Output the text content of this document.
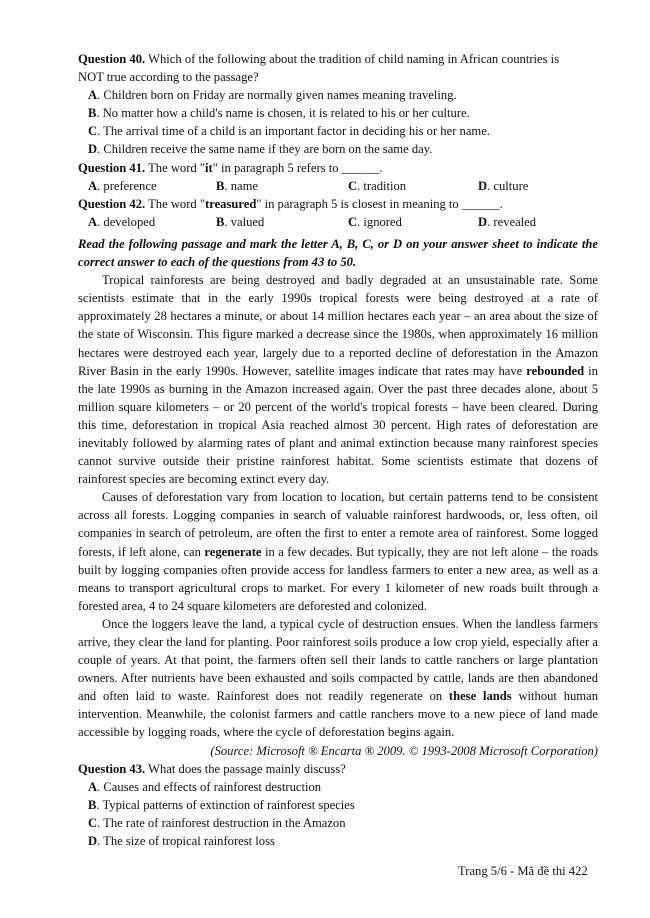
Question 40. Which of the following about the tradition of child naming in African countries is

NOT true according to the passage?

A. Children born on Friday are normally given names meaning traveling.

B. No matter how a child's name is chosen, it is related to his or her culture.

C. The arrival time of a child is an important factor in deciding his or her name.

D. Children receive the same name if they are born on the same day.

Question 41. The word "it" in paragraph 5 refers to ______.

A. preference	B. name	C. tradition	D. culture

Question 42. The word "treasured" in paragraph 5 is closest in meaning to ______.

A. developed	B. valued	C. ignored	D. revealed

Read the following passage and mark the letter A, B, C, or D on your answer sheet to indicate the correct answer to each of the questions from 43 to 50.

Tropical rainforests are being destroyed and badly degraded at an unsustainable rate. Some scientists estimate that in the early 1990s tropical forests were being destroyed at a rate of approximately 28 hectares a minute, or about 14 million hectares each year – an area about the size of the state of Wisconsin. This figure marked a decrease since the 1980s, when approximately 16 million hectares were destroyed each year, largely due to a reported decline of deforestation in the Amazon River Basin in the early 1990s. However, satellite images indicate that rates may have rebounded in the late 1990s as burning in the Amazon increased again. Over the past three decades alone, about 5 million square kilometers – or 20 percent of the world's tropical forests – have been cleared. During this time, deforestation in tropical Asia reached almost 30 percent. High rates of deforestation are inevitably followed by alarming rates of plant and animal extinction because many rainforest species cannot survive outside their pristine rainforest habitat. Some scientists estimate that dozens of rainforest species are becoming extinct every day.

Causes of deforestation vary from location to location, but certain patterns tend to be consistent across all forests. Logging companies in search of valuable rainforest hardwoods, or, less often, oil companies in search of petroleum, are often the first to enter a remote area of rainforest. Some logged forests, if left alone, can regenerate in a few decades. But typically, they are not left alone – the roads built by logging companies often provide access for landless farmers to enter a new area, as well as a means to transport agricultural crops to market. For every 1 kilometer of new roads built through a forested area, 4 to 24 square kilometers are deforested and colonized.

Once the loggers leave the land, a typical cycle of destruction ensues. When the landless farmers arrive, they clear the land for planting. Poor rainforest soils produce a low crop yield, especially after a couple of years. At that point, the farmers often sell their lands to cattle ranchers or large plantation owners. After nutrients have been exhausted and soils compacted by cattle, lands are then abandoned and often laid to waste. Rainforest does not readily regenerate on these lands without human intervention. Meanwhile, the colonist farmers and cattle ranchers move to a new piece of land made accessible by logging roads, where the cycle of deforestation begins again.

(Source: Microsoft ® Encarta ® 2009. © 1993-2008 Microsoft Corporation)

Question 43. What does the passage mainly discuss?

A. Causes and effects of rainforest destruction

B. Typical patterns of extinction of rainforest species

C. The rate of rainforest destruction in the Amazon

D. The size of tropical rainforest loss

Trang 5/6 - Mã đề thi 422
